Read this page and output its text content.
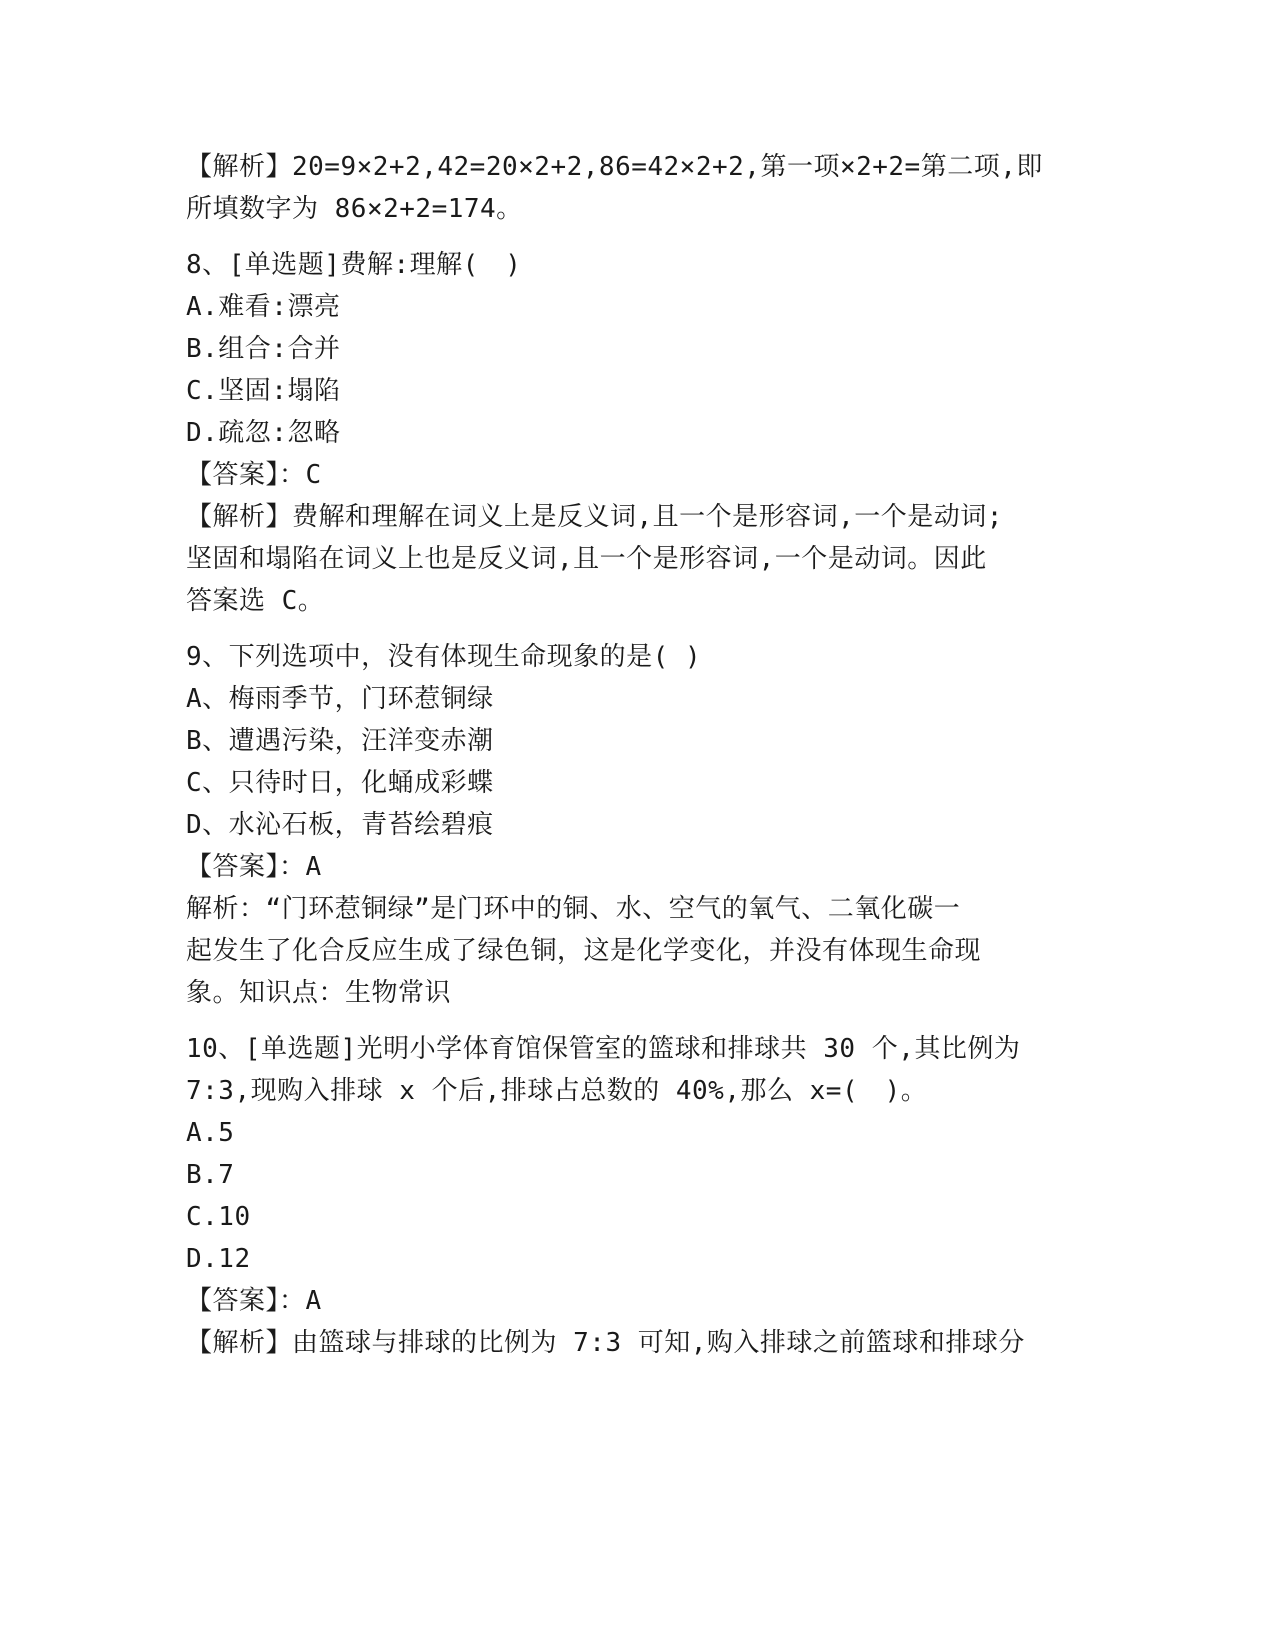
【解析】20=9×2+2,42=20×2+2,86=42×2+2,第一项×2+2=第二项,即
所填数字为 86×2+2=174。
8、[单选题]费解:理解(　)
A.难看:漂亮
B.组合:合并
C.坚固:塌陷
D.疏忽:忽略
【答案】：C
【解析】费解和理解在词义上是反义词,且一个是形容词,一个是动词;
坚固和塌陷在词义上也是反义词,且一个是形容词,一个是动词。因此
答案选 C。
9、下列选项中，没有体现生命现象的是( )
A、梅雨季节，门环惹铜绿
B、遭遇污染，汪洋变赤潮
C、只待时日，化蛹成彩蝶
D、水沁石板，青苔绘碧痕
【答案】：A
解析：“门环惹铜绿”是门环中的铜、水、空气的氧气、二氧化碳一
起发生了化合反应生成了绿色铜，这是化学变化，并没有体现生命现
象。知识点：生物常识
10、[单选题]光明小学体育馆保管室的篮球和排球共 30 个,其比例为
7:3,现购入排球 x 个后,排球占总数的 40%,那么 x=(　)。
A.5
B.7
C.10
D.12
【答案】：A
【解析】由篮球与排球的比例为 7:3 可知,购入排球之前篮球和排球分
